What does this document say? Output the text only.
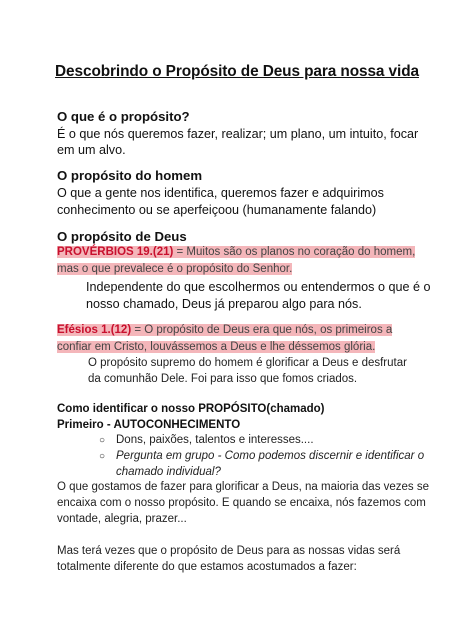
Descobrindo o Propósito de Deus para nossa vida
O que é o propósito?
É o que nós queremos fazer, realizar; um plano, um intuito, focar
em um alvo.
O propósito do homem
O que a gente nos identifica, queremos fazer e adquirimos
conhecimento ou se aperfeiçoou (humanamente falando)
O propósito de Deus
PROVÉRBIOS 19.(21) = Muitos são os planos no coração do homem,
mas o que prevalece é o propósito do Senhor.
Independente do que escolhermos ou entendermos o que é o
nosso chamado, Deus já preparou algo para nós.
Efésios 1.(12) = O propósito de Deus era que nós, os primeiros a
confiar em Cristo, louvássemos a Deus e lhe déssemos glória.
O propósito supremo do homem é glorificar a Deus e desfrutar
da comunhão Dele. Foi para isso que fomos criados.
Como identificar o nosso PROPÓSITO(chamado)
Primeiro - AUTOCONHECIMENTO
○ Dons, paixões, talentos e interesses....
○ Pergunta em grupo - Como podemos discernir e identificar o
chamado individual?
O que gostamos de fazer para glorificar a Deus, na maioria das vezes se
encaixa com o nosso propósito. E quando se encaixa, nós fazemos com
vontade, alegria, prazer...
Mas terá vezes que o propósito de Deus para as nossas vidas será
totalmente diferente do que estamos acostumados a fazer:
